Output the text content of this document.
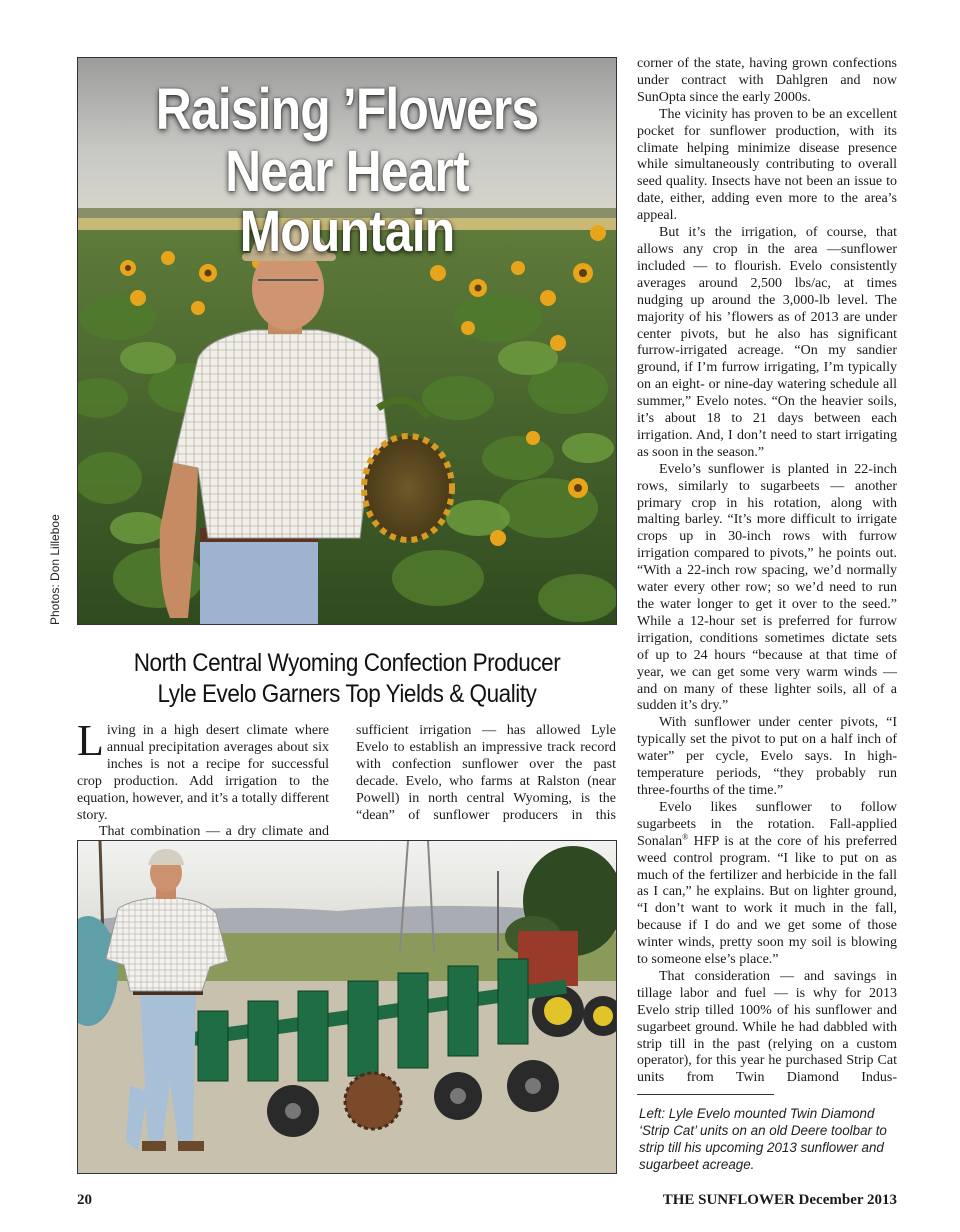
Raising ’Flowers
Near Heart Mountain
Photos: Don Lilleboe
North Central Wyoming Confection Producer
Lyle Evelo Garners Top Yields & Quality

Living in a high desert climate where annual precipitation averages about six inches is not a recipe for successful crop production. Add irrigation to the equation, however, and it’s a totally different story.

That combination — a dry climate and

sufficient irrigation — has allowed Lyle Evelo to establish an impressive track record with confection sunflower over the past decade. Evelo, who farms at Ralston (near Powell) in north central Wyoming, is the “dean” of sunflower producers in this

corner of the state, having grown confections under contract with Dahlgren and now SunOpta since the early 2000s.

The vicinity has proven to be an excellent pocket for sunflower production, with its climate helping minimize disease presence while simultaneously contributing to overall seed quality. Insects have not been an issue to date, either, adding even more to the area’s appeal.

But it’s the irrigation, of course, that allows any crop in the area —sunflower included — to flourish. Evelo consistently averages around 2,500 lbs/ac, at times nudging up around the 3,000-lb level. The majority of his ’flowers as of 2013 are under center pivots, but he also has significant furrow-irrigated acreage. “On my sandier ground, if I’m furrow irrigating, I’m typically on an eight- or nine-day watering schedule all summer,” Evelo notes. “On the heavier soils, it’s about 18 to 21 days between each irrigation. And, I don’t need to start irrigating as soon in the season.”

Evelo’s sunflower is planted in 22-inch rows, similarly to sugarbeets — another primary crop in his rotation, along with malting barley. “It’s more difficult to irrigate crops up in 30-inch rows with furrow irrigation compared to pivots,” he points out. “With a 22-inch row spacing, we’d normally water every other row; so we’d need to run the water longer to get it over to the seed.” While a 12-hour set is preferred for furrow irrigation, conditions sometimes dictate sets of up to 24 hours “because at that time of year, we can get some very warm winds — and on many of these lighter soils, all of a sudden it’s dry.”

With sunflower under center pivots, “I typically set the pivot to put on a half inch of water” per cycle, Evelo says. In high-temperature periods, “they probably run three-fourths of the time.”

Evelo likes sunflower to follow sugarbeets in the rotation. Fall-applied Sonalan® HFP is at the core of his preferred weed control program. “I like to put on as much of the fertilizer and herbicide in the fall as I can,” he explains. But on lighter ground, “I don’t want to work it much in the fall, because if I do and we get some of those winter winds, pretty soon my soil is blowing to someone else’s place.”

That consideration — and savings in tillage labor and fuel — is why for 2013 Evelo strip tilled 100% of his sunflower and sugarbeet ground. While he had dabbled with strip till in the past (relying on a custom operator), for this year he purchased Strip Cat units from Twin Diamond Indus-

Left: Lyle Evelo mounted Twin Diamond ‘Strip Cat’ units on an old Deere toolbar to strip till his upcoming 2013 sunflower and sugarbeet acreage.
20	THE SUNFLOWER December 2013
